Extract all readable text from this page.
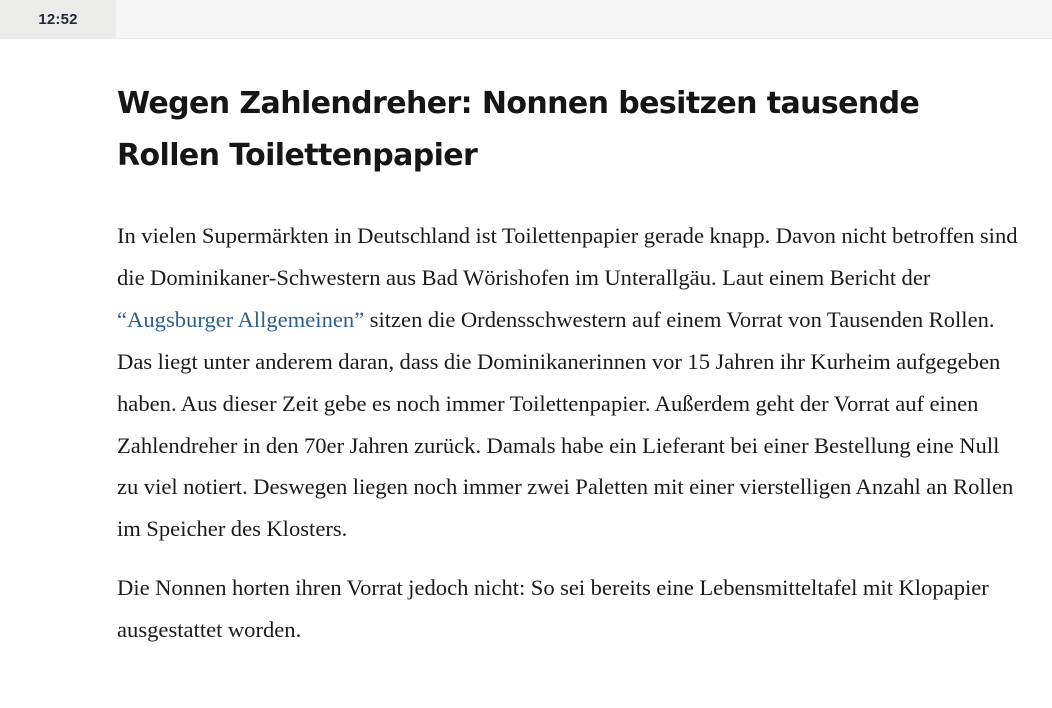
12:52
Wegen Zahlendreher: Nonnen besitzen tausende Rollen Toilettenpapier

In vielen Supermärkten in Deutschland ist Toilettenpapier gerade knapp. Davon nicht betroffen sind die Dominikaner-Schwestern aus Bad Wörishofen im Unterallgäu. Laut einem Bericht der “Augsburger Allgemeinen” sitzen die Ordensschwestern auf einem Vorrat von Tausenden Rollen. Das liegt unter anderem daran, dass die Dominikanerinnen vor 15 Jahren ihr Kurheim aufgegeben haben. Aus dieser Zeit gebe es noch immer Toilettenpapier. Außerdem geht der Vorrat auf einen Zahlendreher in den 70er Jahren zurück. Damals habe ein Lieferant bei einer Bestellung eine Null zu viel notiert. Deswegen liegen noch immer zwei Paletten mit einer vierstelligen Anzahl an Rollen im Speicher des Klosters.

Die Nonnen horten ihren Vorrat jedoch nicht: So sei bereits eine Lebensmitteltafel mit Klopapier ausgestattet worden.
